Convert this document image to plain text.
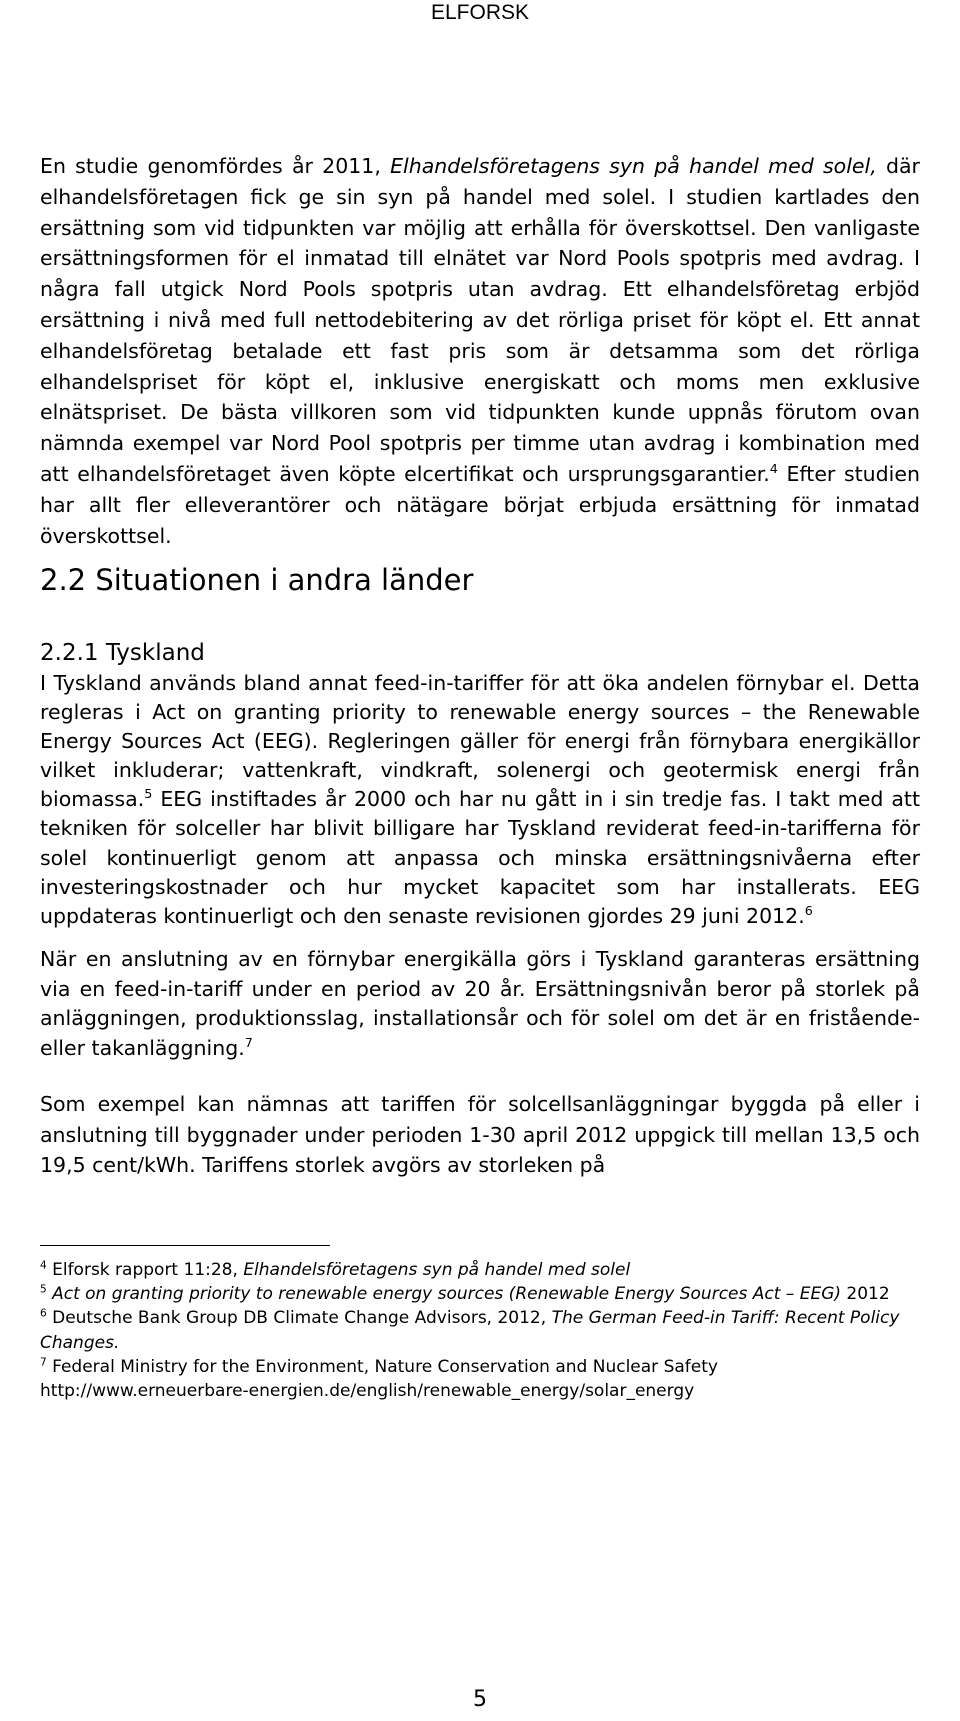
ELFORSK

En studie genomfördes år 2011, Elhandelsföretagens syn på handel med solel, där elhandelsföretagen fick ge sin syn på handel med solel. I studien kartlades den ersättning som vid tidpunkten var möjlig att erhålla för överskottsel. Den vanligaste ersättningsformen för el inmatad till elnätet var Nord Pools spotpris med avdrag. I några fall utgick Nord Pools spotpris utan avdrag. Ett elhandelsföretag erbjöd ersättning i nivå med full nettodebitering av det rörliga priset för köpt el. Ett annat elhandelsföretag betalade ett fast pris som är detsamma som det rörliga elhandelspriset för köpt el, inklusive energiskatt och moms men exklusive elnätspriset. De bästa villkoren som vid tidpunkten kunde uppnås förutom ovan nämnda exempel var Nord Pool spotpris per timme utan avdrag i kombination med att elhandelsföretaget även köpte elcertifikat och ursprungsgarantier.$^4$ Efter studien har allt fler elleverantörer och nätägare börjat erbjuda ersättning för inmatad överskottsel.

2.2 Situationen i andra länder
2.2.1 Tyskland

I Tyskland används bland annat feed-in-tariffer för att öka andelen förnybar el. Detta regleras i Act on granting priority to renewable energy sources – the Renewable Energy Sources Act (EEG). Regleringen gäller för energi från förnybara energikällor vilket inkluderar; vattenkraft, vindkraft, solenergi och geotermisk energi från biomassa.$^5$ EEG instiftades år 2000 och har nu gått in i sin tredje fas. I takt med att tekniken för solceller har blivit billigare har Tyskland reviderat feed-in-tarifferna för solel kontinuerligt genom att anpassa och minska ersättningsnivåerna efter investeringskostnader och hur mycket kapacitet som har installerats. EEG uppdateras kontinuerligt och den senaste revisionen gjordes 29 juni 2012.$^6$

När en anslutning av en förnybar energikälla görs i Tyskland garanteras ersättning via en feed-in-tariff under en period av 20 år. Ersättningsnivån beror på storlek på anläggningen, produktionsslag, installationsår och för solel om det är en fristående- eller takanläggning.$^7$

Som exempel kan nämnas att tariffen för solcellsanläggningar byggda på eller i anslutning till byggnader under perioden 1-30 april 2012 uppgick till mellan 13,5 och 19,5 cent/kWh. Tariffens storlek avgörs av storleken på

$^4$ Elforsk rapport 11:28, Elhandelsföretagens syn på handel med solel

$^5$ Act on granting priority to renewable energy sources (Renewable Energy Sources Act – EEG) 2012

$^6$ Deutsche Bank Group DB Climate Change Advisors, 2012, The German Feed-in Tariff: Recent Policy Changes.

$^7$ Federal Ministry for the Environment, Nature Conservation and Nuclear Safety http://www.erneuerbare-energien.de/english/renewable_energy/solar_energy

5
